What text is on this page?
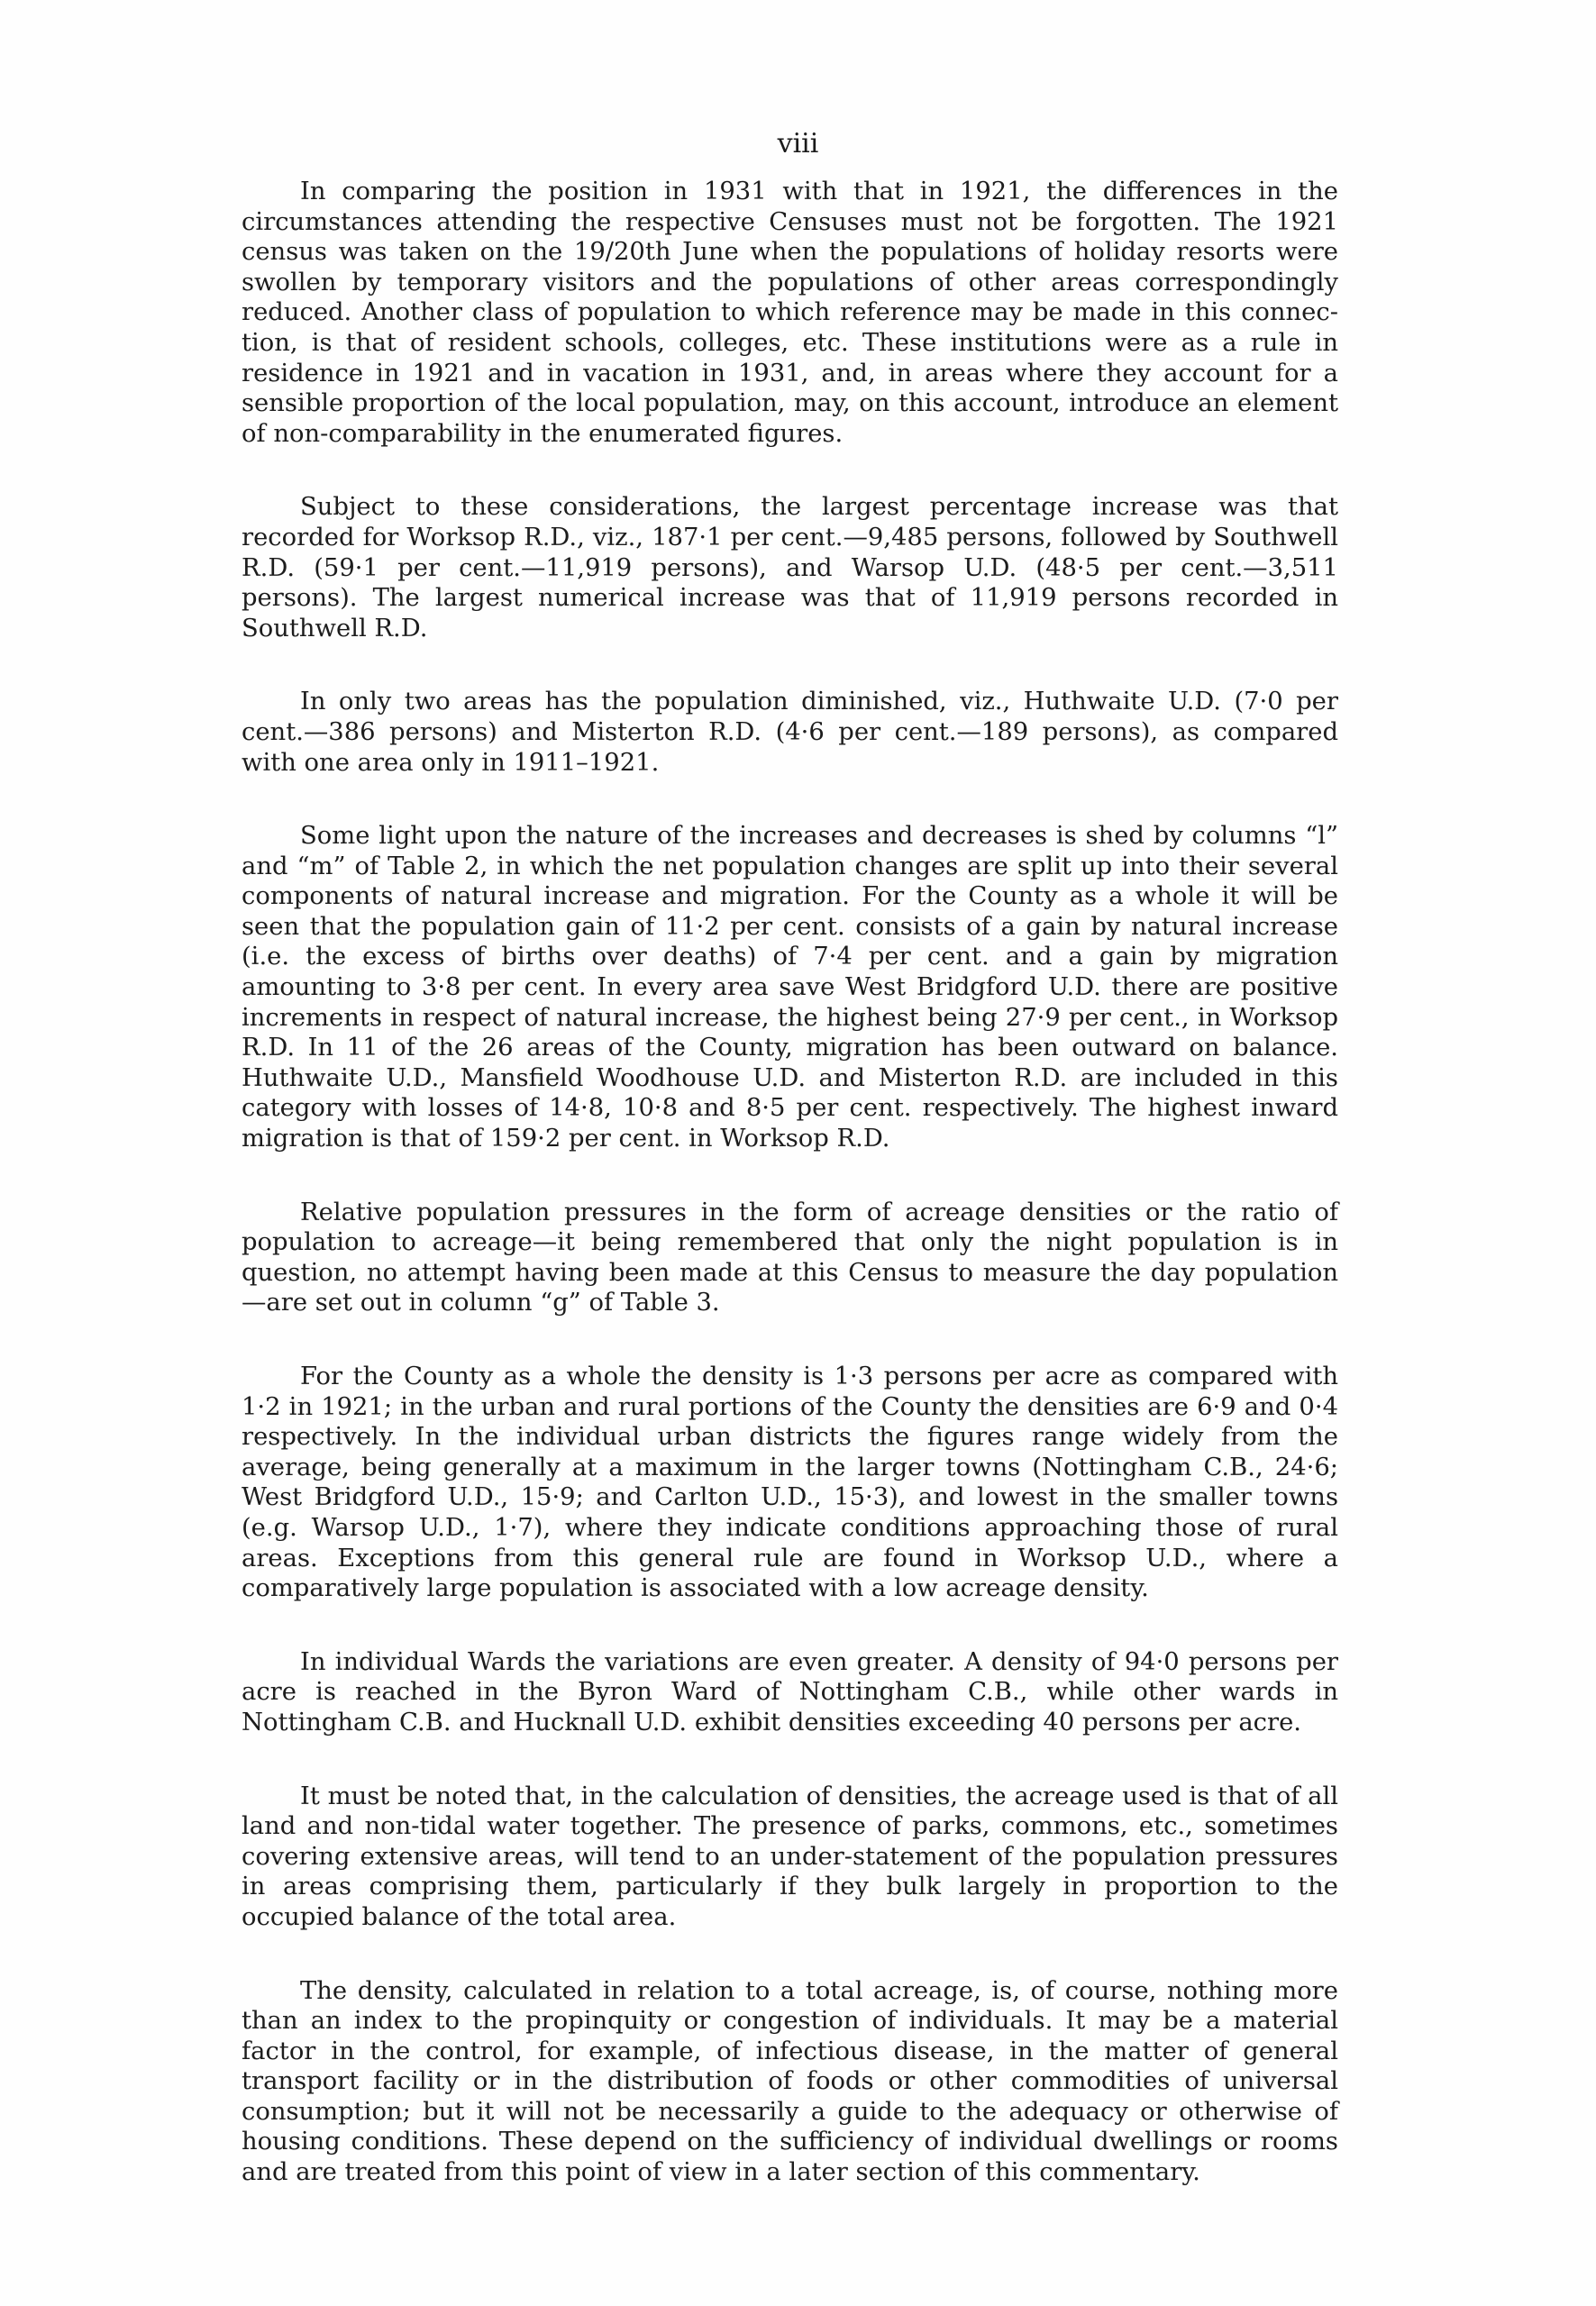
viii

In comparing the position in 1931 with that in 1921, the differences in the circumstances attending the respective Censuses must not be forgotten. The 1921 census was taken on the 19/20th June when the populations of holiday resorts were swollen by temporary visitors and the populations of other areas correspondingly reduced. Another class of population to which reference may be made in this connection, is that of resident schools, colleges, etc. These institutions were as a rule in residence in 1921 and in vacation in 1931, and, in areas where they account for a sensible proportion of the local population, may, on this account, introduce an element of non-comparability in the enumerated figures.

Subject to these considerations, the largest percentage increase was that recorded for Worksop R.D., viz., 187·1 per cent.—9,485 persons, followed by Southwell R.D. (59·1 per cent.—11,919 persons), and Warsop U.D. (48·5 per cent.—3,511 persons). The largest numerical increase was that of 11,919 persons recorded in Southwell R.D.

In only two areas has the population diminished, viz., Huthwaite U.D. (7·0 per cent.—386 persons) and Misterton R.D. (4·6 per cent.—189 persons), as compared with one area only in 1911–1921.

Some light upon the nature of the increases and decreases is shed by columns “l” and “m” of Table 2, in which the net population changes are split up into their several components of natural increase and migration. For the County as a whole it will be seen that the population gain of 11·2 per cent. consists of a gain by natural increase (i.e. the excess of births over deaths) of 7·4 per cent. and a gain by migration amounting to 3·8 per cent. In every area save West Bridgford U.D. there are positive increments in respect of natural increase, the highest being 27·9 per cent., in Worksop R.D. In 11 of the 26 areas of the County, migration has been outward on balance. Huthwaite U.D., Mansfield Woodhouse U.D. and Misterton R.D. are included in this category with losses of 14·8, 10·8 and 8·5 per cent. respectively. The highest inward migration is that of 159·2 per cent. in Worksop R.D.

Relative population pressures in the form of acreage densities or the ratio of population to acreage—it being remembered that only the night population is in question, no attempt having been made at this Census to measure the day population —are set out in column “g” of Table 3.

For the County as a whole the density is 1·3 persons per acre as compared with 1·2 in 1921; in the urban and rural portions of the County the densities are 6·9 and 0·4 respectively. In the individual urban districts the figures range widely from the average, being generally at a maximum in the larger towns (Nottingham C.B., 24·6; West Bridgford U.D., 15·9; and Carlton U.D., 15·3), and lowest in the smaller towns (e.g. Warsop U.D., 1·7), where they indicate conditions approaching those of rural areas. Exceptions from this general rule are found in Worksop U.D., where a comparatively large population is associated with a low acreage density.

In individual Wards the variations are even greater. A density of 94·0 persons per acre is reached in the Byron Ward of Nottingham C.B., while other wards in Nottingham C.B. and Hucknall U.D. exhibit densities exceeding 40 persons per acre.

It must be noted that, in the calculation of densities, the acreage used is that of all land and non-tidal water together. The presence of parks, commons, etc., sometimes covering extensive areas, will tend to an under-statement of the population pressures in areas comprising them, particularly if they bulk largely in proportion to the occupied balance of the total area.

The density, calculated in relation to a total acreage, is, of course, nothing more than an index to the propinquity or congestion of individuals. It may be a material factor in the control, for example, of infectious disease, in the matter of general transport facility or in the distribution of foods or other commodities of universal consumption; but it will not be necessarily a guide to the adequacy or otherwise of housing conditions. These depend on the sufficiency of individual dwellings or rooms and are treated from this point of view in a later section of this commentary.
